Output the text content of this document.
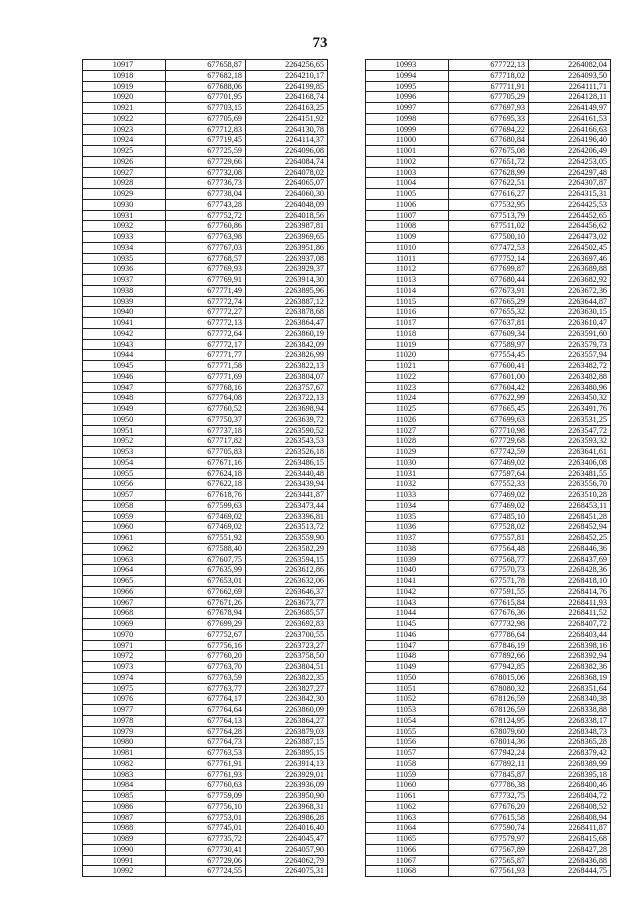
73
10917	677658,87	2264256,65
10918	677682,18	2264210,17
10919	677688,06	2264199,85
10920	677701,95	2264168,74
10921	677703,15	2264163,25
10922	677705,69	2264151,92
10923	677712,83	2264130,78
10924	677719,45	2264114,37
10925	677725,59	2264096,08
10926	677729,66	2264084,74
10927	677732,08	2264078,02
10928	677736,73	2264065,07
10929	677738,04	2264060,30
10930	677743,28	2264048,09
10931	677752,72	2264018,56
10932	677760,86	2263987,81
10933	677763,98	2263969,65
10934	677767,03	2263951,86
10935	677768,57	2263937,08
10936	677769,93	2263929,37
10937	677769,91	2263914,30
10938	677771,49	2263895,96
10939	677772,74	2263887,12
10940	677772,27	2263878,68
10941	677772,13	2263864,47
10942	677772,64	2263860,19
10943	677772,17	2263842,09
10944	677771,77	2263826,99
10945	677771,58	2263822,13
10946	677771,69	2263804,07
10947	677768,16	2263757,67
10948	677764,08	2263722,13
10949	677760,52	2263698,94
10950	677750,37	2263639,72
10951	677737,18	2263590,52
10952	677717,82	2263543,53
10953	677705,83	2263526,18
10954	677671,16	2263486,15
10955	677624,18	2263440,48
10956	677622,18	2263439,94
10957	677618,76	2263441,87
10958	677599,63	2263473,44
10959	677469,02	2263396,81
10960	677469,02	2263513,72
10961	677551,92	2263559,90
10962	677588,40	2263582,29
10963	677607,75	2263594,15
10964	677635,99	2263612,86
10965	677653,01	2263632,06
10966	677662,69	2263646,37
10967	677671,26	2263673,77
10968	677678,94	2263685,57
10969	677699,29	2263692,83
10970	677752,67	2263700,55
10971	677756,16	2263723,27
10972	677760,20	2263758,50
10973	677763,70	2263804,51
10974	677763,59	2263822,35
10975	677763,77	2263827,27
10976	677764,17	2263842,30
10977	677764,64	2263860,09
10978	677764,13	2263864,27
10979	677764,28	2263879,03
10980	677764,73	2263887,15
10981	677763,53	2263895,15
10982	677761,91	2263914,13
10983	677761,93	2263929,01
10984	677760,63	2263936,09
10985	677759,09	2263950,90
10986	677756,10	2263968,31
10987	677753,01	2263986,28
10988	677745,01	2264016,40
10989	677735,72	2264045,47
10990	677730,41	2264057,90
10991	677729,06	2264062,79
10992	677724,55	2264075,31
10993	677722,13	2264082,04
10994	677718,02	2264093,50
10995	677711,91	2264111,71
10996	677705,29	2264128,11
10997	677697,93	2264149,97
10998	677695,33	2264161,53
10999	677694,22	2264166,63
11000	677680,84	2264196,40
11001	677675,08	2264206,49
11002	677651,72	2264253,05
11003	677628,99	2264297,48
11004	677622,51	2264307,87
11005	677616,27	2264315,31
11006	677532,95	2264425,53
11007	677513,79	2264452,65
11008	677511,02	2264456,62
11009	677500,10	2264473,02
11010	677472,53	2264502,45
11011	677752,14	2263697,46
11012	677699,87	2263689,88
11013	677680,44	2263682,92
11014	677673,91	2263672,36
11015	677665,29	2263644,87
11016	677655,32	2263630,15
11017	677637,81	2263610,47
11018	677609,34	2263591,60
11019	677589,97	2263579,73
11020	677554,45	2263557,94
11021	677600,41	2263482,72
11022	677601,00	2263482,88
11023	677604,42	2263480,96
11024	677622,99	2263450,32
11025	677665,45	2263491,76
11026	677699,63	2263531,25
11027	677710,98	2263547,72
11028	677729,68	2263593,32
11029	677742,59	2263641,61
11030	677469,02	2263406,08
11031	677597,64	2263481,55
11032	677552,33	2263556,70
11033	677469,02	2263510,28
11034	677469,02	2268453,11
11035	677485,10	2268451,28
11036	677528,02	2268452,94
11037	677557,81	2268452,25
11038	677564,48	2268446,36
11039	677568,77	2268437,69
11040	677570,73	2268428,36
11041	677571,78	2268418,10
11042	677591,55	2268414,76
11043	677615,84	2268411,93
11044	677676,36	2268411,52
11045	677732,98	2268407,72
11046	677786,64	2268403,44
11047	677846,19	2268398,16
11048	677892,66	2268392,94
11049	677942,85	2268382,36
11050	678015,06	2268368,19
11051	678080,32	2268351,64
11052	678126,59	2268340,38
11053	678126,59	2268338,88
11054	678124,95	2268338,17
11055	678079,60	2268348,73
11056	678014,36	2268365,28
11057	677942,24	2268379,42
11058	677892,11	2268389,99
11059	677845,87	2268395,18
11060	677786,38	2268400,46
11061	677732,75	2268404,72
11062	677676,20	2268408,52
11063	677615,58	2268408,94
11064	677590,74	2268411,87
11065	677579,97	2268415,68
11066	677567,89	2268427,28
11067	677565,87	2268436,88
11068	677561,93	2268444,75
